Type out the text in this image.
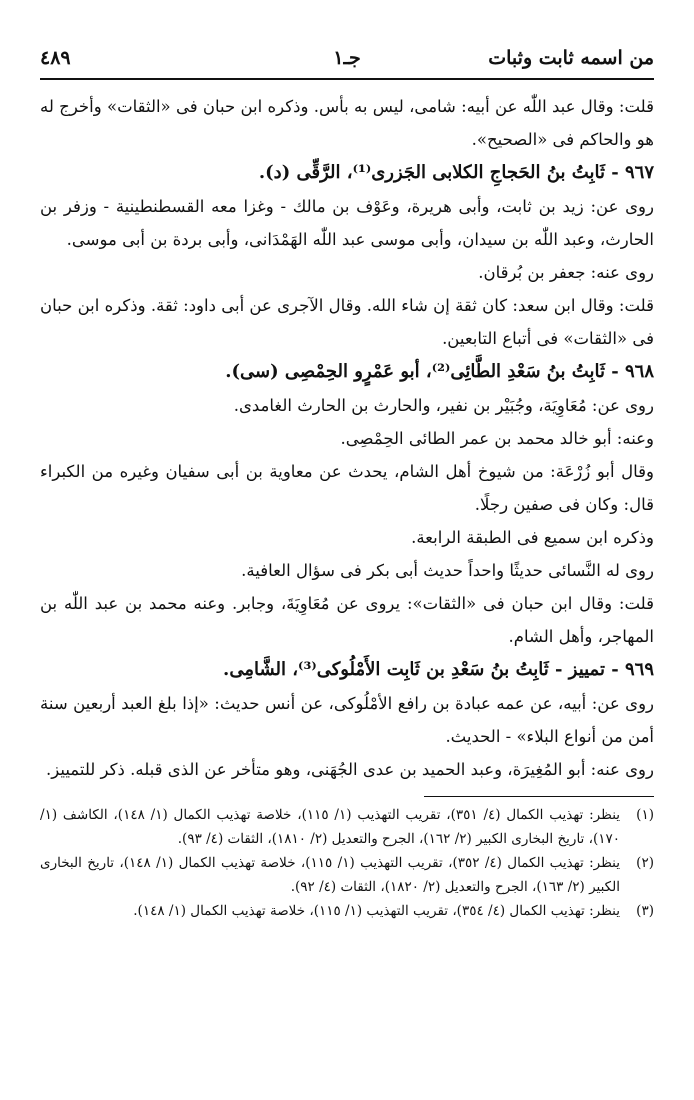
من اسمه ثابت وثبات
جـ١
٤٨٩

قلت: وقال عبد اللّٰه عن أبيه: شامى، ليس به بأس. وذكره ابن حبان فى «الثقات» وأخرج له هو والحاكم فى «الصحيح».

٩٦٧ - ثَابِتُ بنُ الحَجاجِ الكلابى الجَزرى⁽¹⁾، الرَّقِّى (د).

روى عن: زيد بن ثابت، وأبى هريرة، وعَوْف بن مالك - وغزا معه القسطنطينية - وزفر بن الحارث، وعبد اللّٰه بن سيدان، وأبى موسى عبد اللّٰه الهَمْدَانى، وأبى بردة بن أبى موسى.

روى عنه: جعفر بن بُرقان.

قلت: وقال ابن سعد: كان ثقة إن شاء الله. وقال الآجرى عن أبى داود: ثقة. وذكره ابن حبان فى «الثقات» فى أتباع التابعين.

٩٦٨ - ثَابِتُ بنُ سَعْدِ الطَّائِى⁽²⁾، أبو عَمْرٍو الحِمْصِى (سى).

روى عن: مُعَاوِيَة، وجُبَيْر بن نفير، والحارث بن الحارث الغامدى.

وعنه: أبو خالد محمد بن عمر الطائى الحِمْصِى.

وقال أبو زُرْعَة: من شيوخ أهل الشام، يحدث عن معاوية بن أبى سفيان وغيره من الكبراء قال: وكان فى صفين رجلًا.

وذكره ابن سميع فى الطبقة الرابعة.

روى له النَّسائى حديثًا واحداً حديث أبى بكر فى سؤال العافية.

قلت: وقال ابن حبان فى «الثقات»: يروى عن مُعَاوِيَةَ، وجابر. وعنه محمد بن عبد اللّٰه بن المهاجر، وأهل الشام.

٩٦٩ - تمييز - ثَابِتُ بنُ سَعْدِ بن ثَابِت الأَمْلُوكى⁽³⁾، الشَّامِى.

روى عن: أبيه، عن عمه عبادة بن رافع الأمْلُوكى، عن أنس حديث: «إذا بلغ العبد أربعين سنة أمن من أنواع البلاء» - الحديث.

روى عنه: أبو المُغِيرَة، وعبد الحميد بن عدى الجُهَنى، وهو متأخر عن الذى قبله. ذكر للتمييز.

(١)
ينظر: تهذيب الكمال (٤/ ٣٥١)، تقريب التهذيب (١/ ١١٥)، خلاصة تهذيب الكمال (١/ ١٤٨)، الكاشف (١/ ١٧٠)، تاريخ البخارى الكبير (٢/ ١٦٢)، الجرح والتعديل (٢/ ١٨١٠)، الثقات (٤/ ٩٣).
(٢)
ينظر: تهذيب الكمال (٤/ ٣٥٢)، تقريب التهذيب (١/ ١١٥)، خلاصة تهذيب الكمال (١/ ١٤٨)، تاريخ البخارى الكبير (٢/ ١٦٣)، الجرح والتعديل (٢/ ١٨٢٠)، الثقات (٤/ ٩٢).
(٣)
ينظر: تهذيب الكمال (٤/ ٣٥٤)، تقريب التهذيب (١/ ١١٥)، خلاصة تهذيب الكمال (١/ ١٤٨).
